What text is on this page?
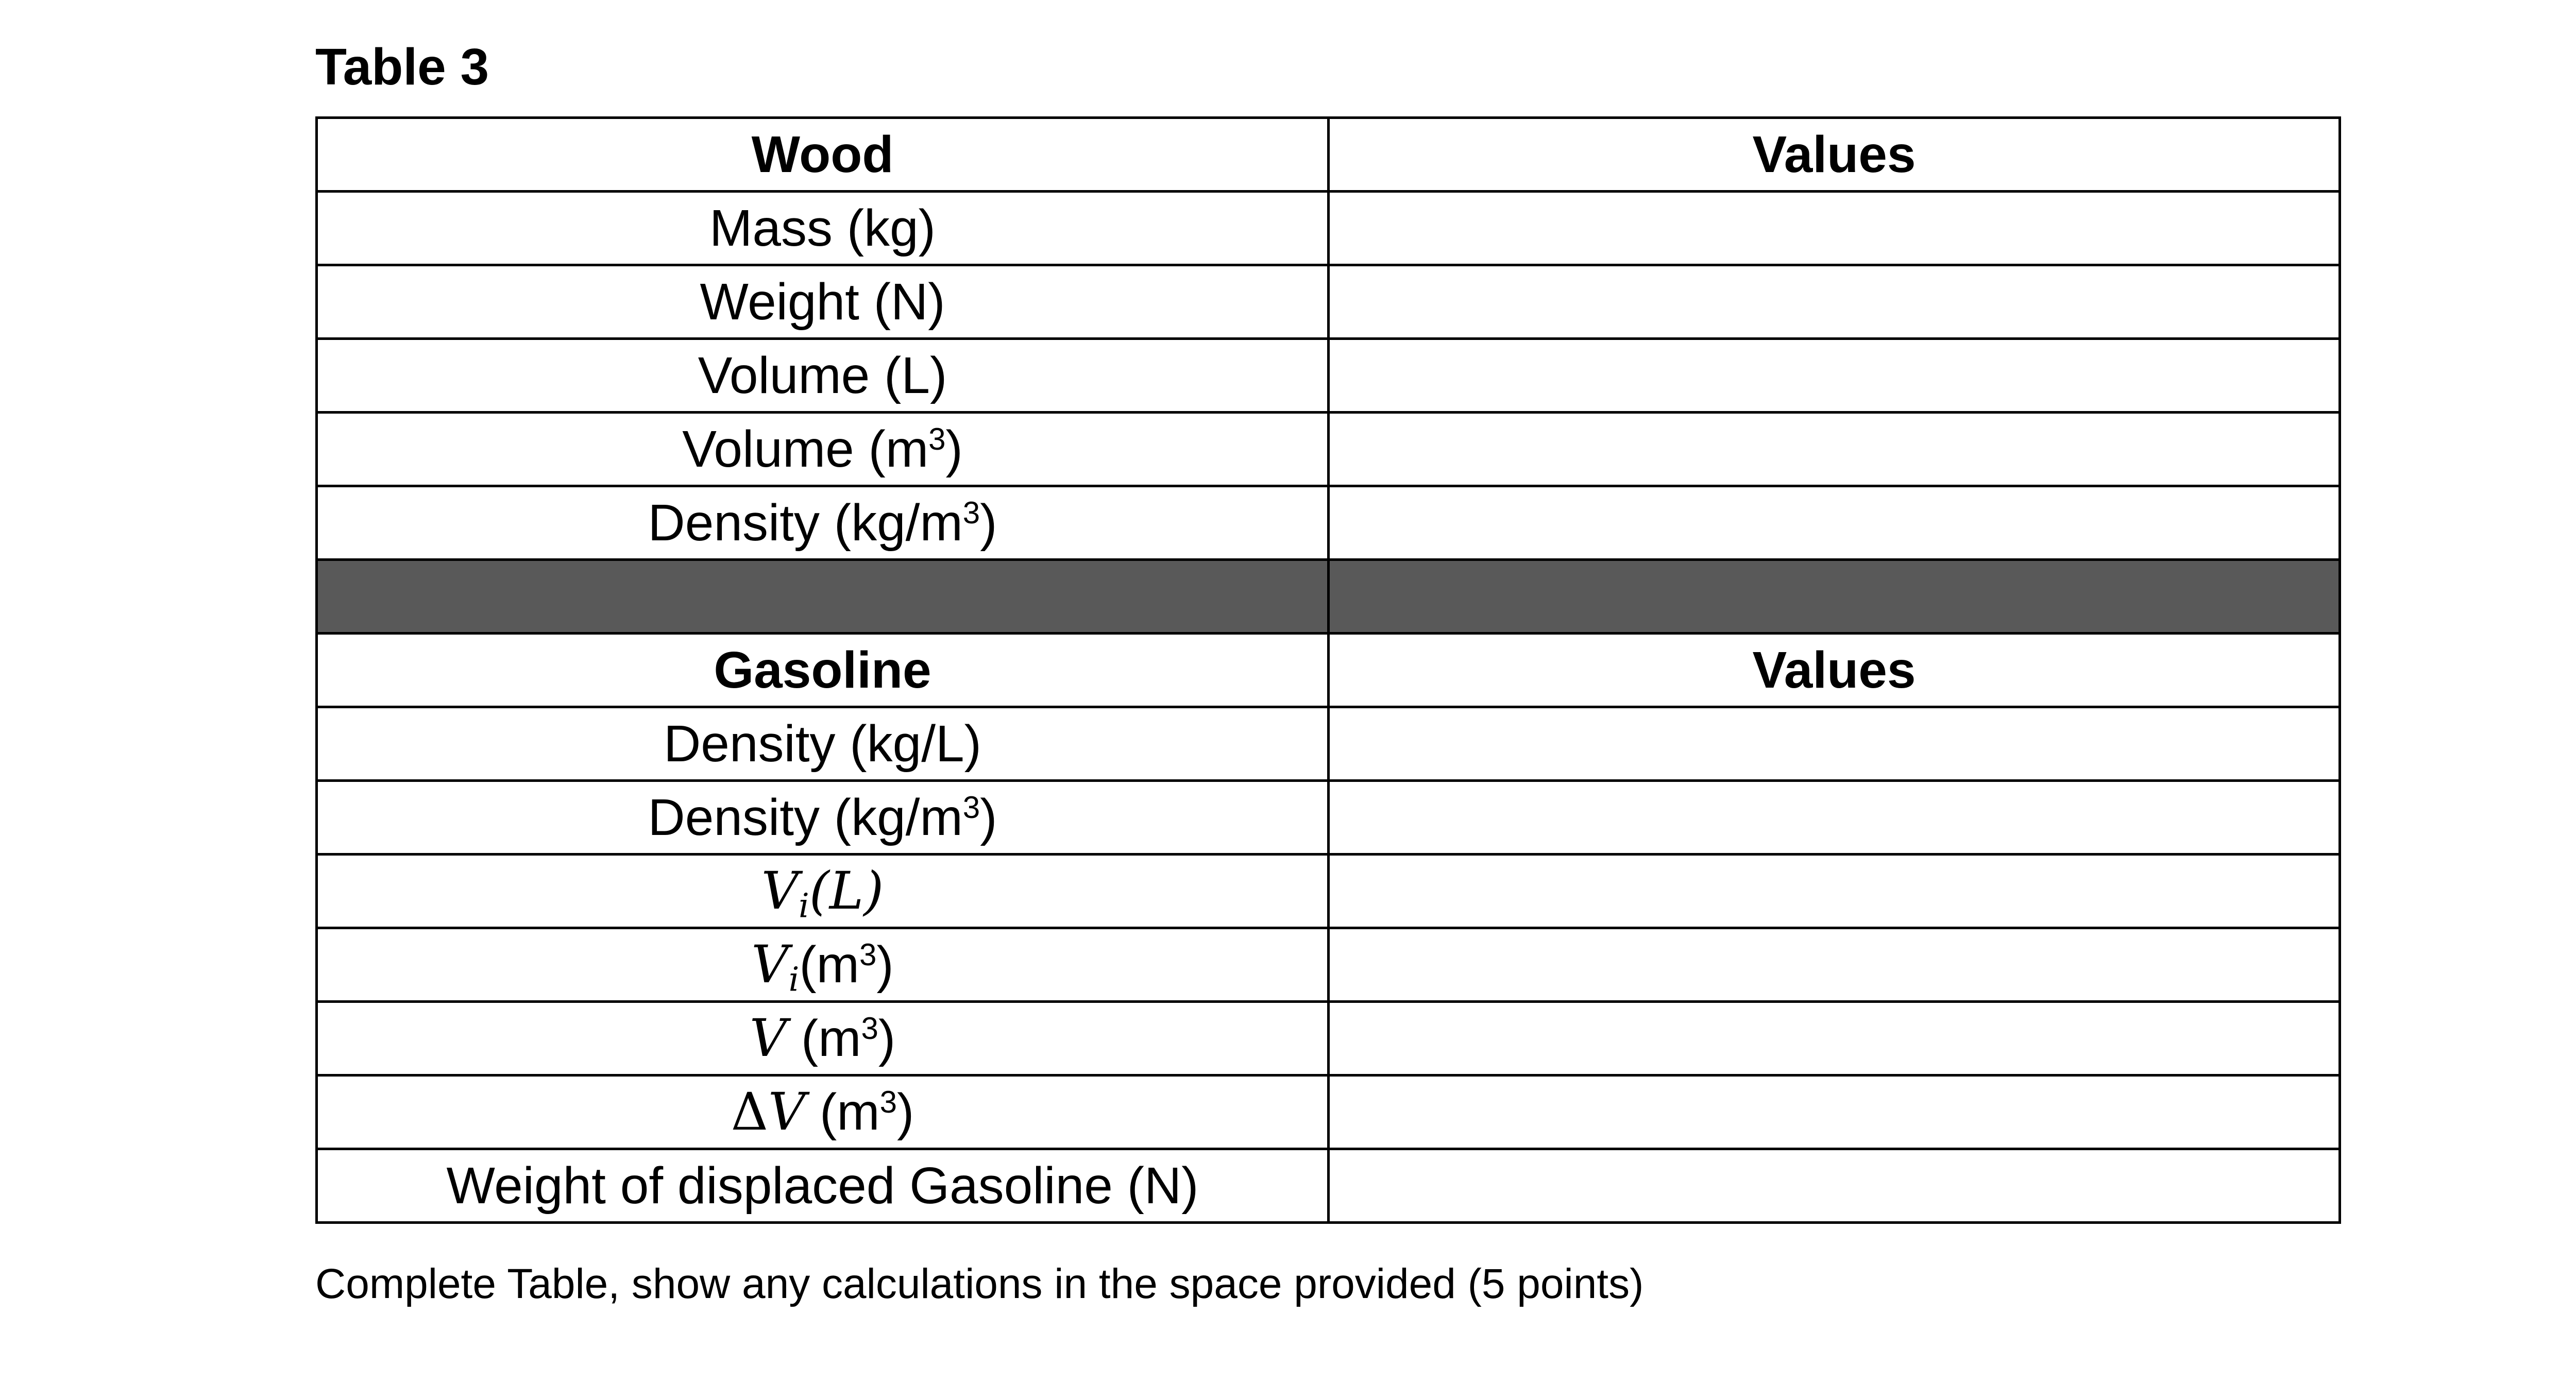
Table 3
Wood	Values
Mass (kg)	
Weight (N)	
Volume (L)	
Volume $(m^3)$	
Density $(kg/m^3)$	

Gasoline	Values
Density (kg/L)	
Density $(kg/m^3)$	
$V_i(L)$	
$V_i(m^3)$	
V $(m^3)$	
ΔV $(m^3)$	
Weight of displaced Gasoline (N)	
Complete Table, show any calculations in the space provided (5 points)
